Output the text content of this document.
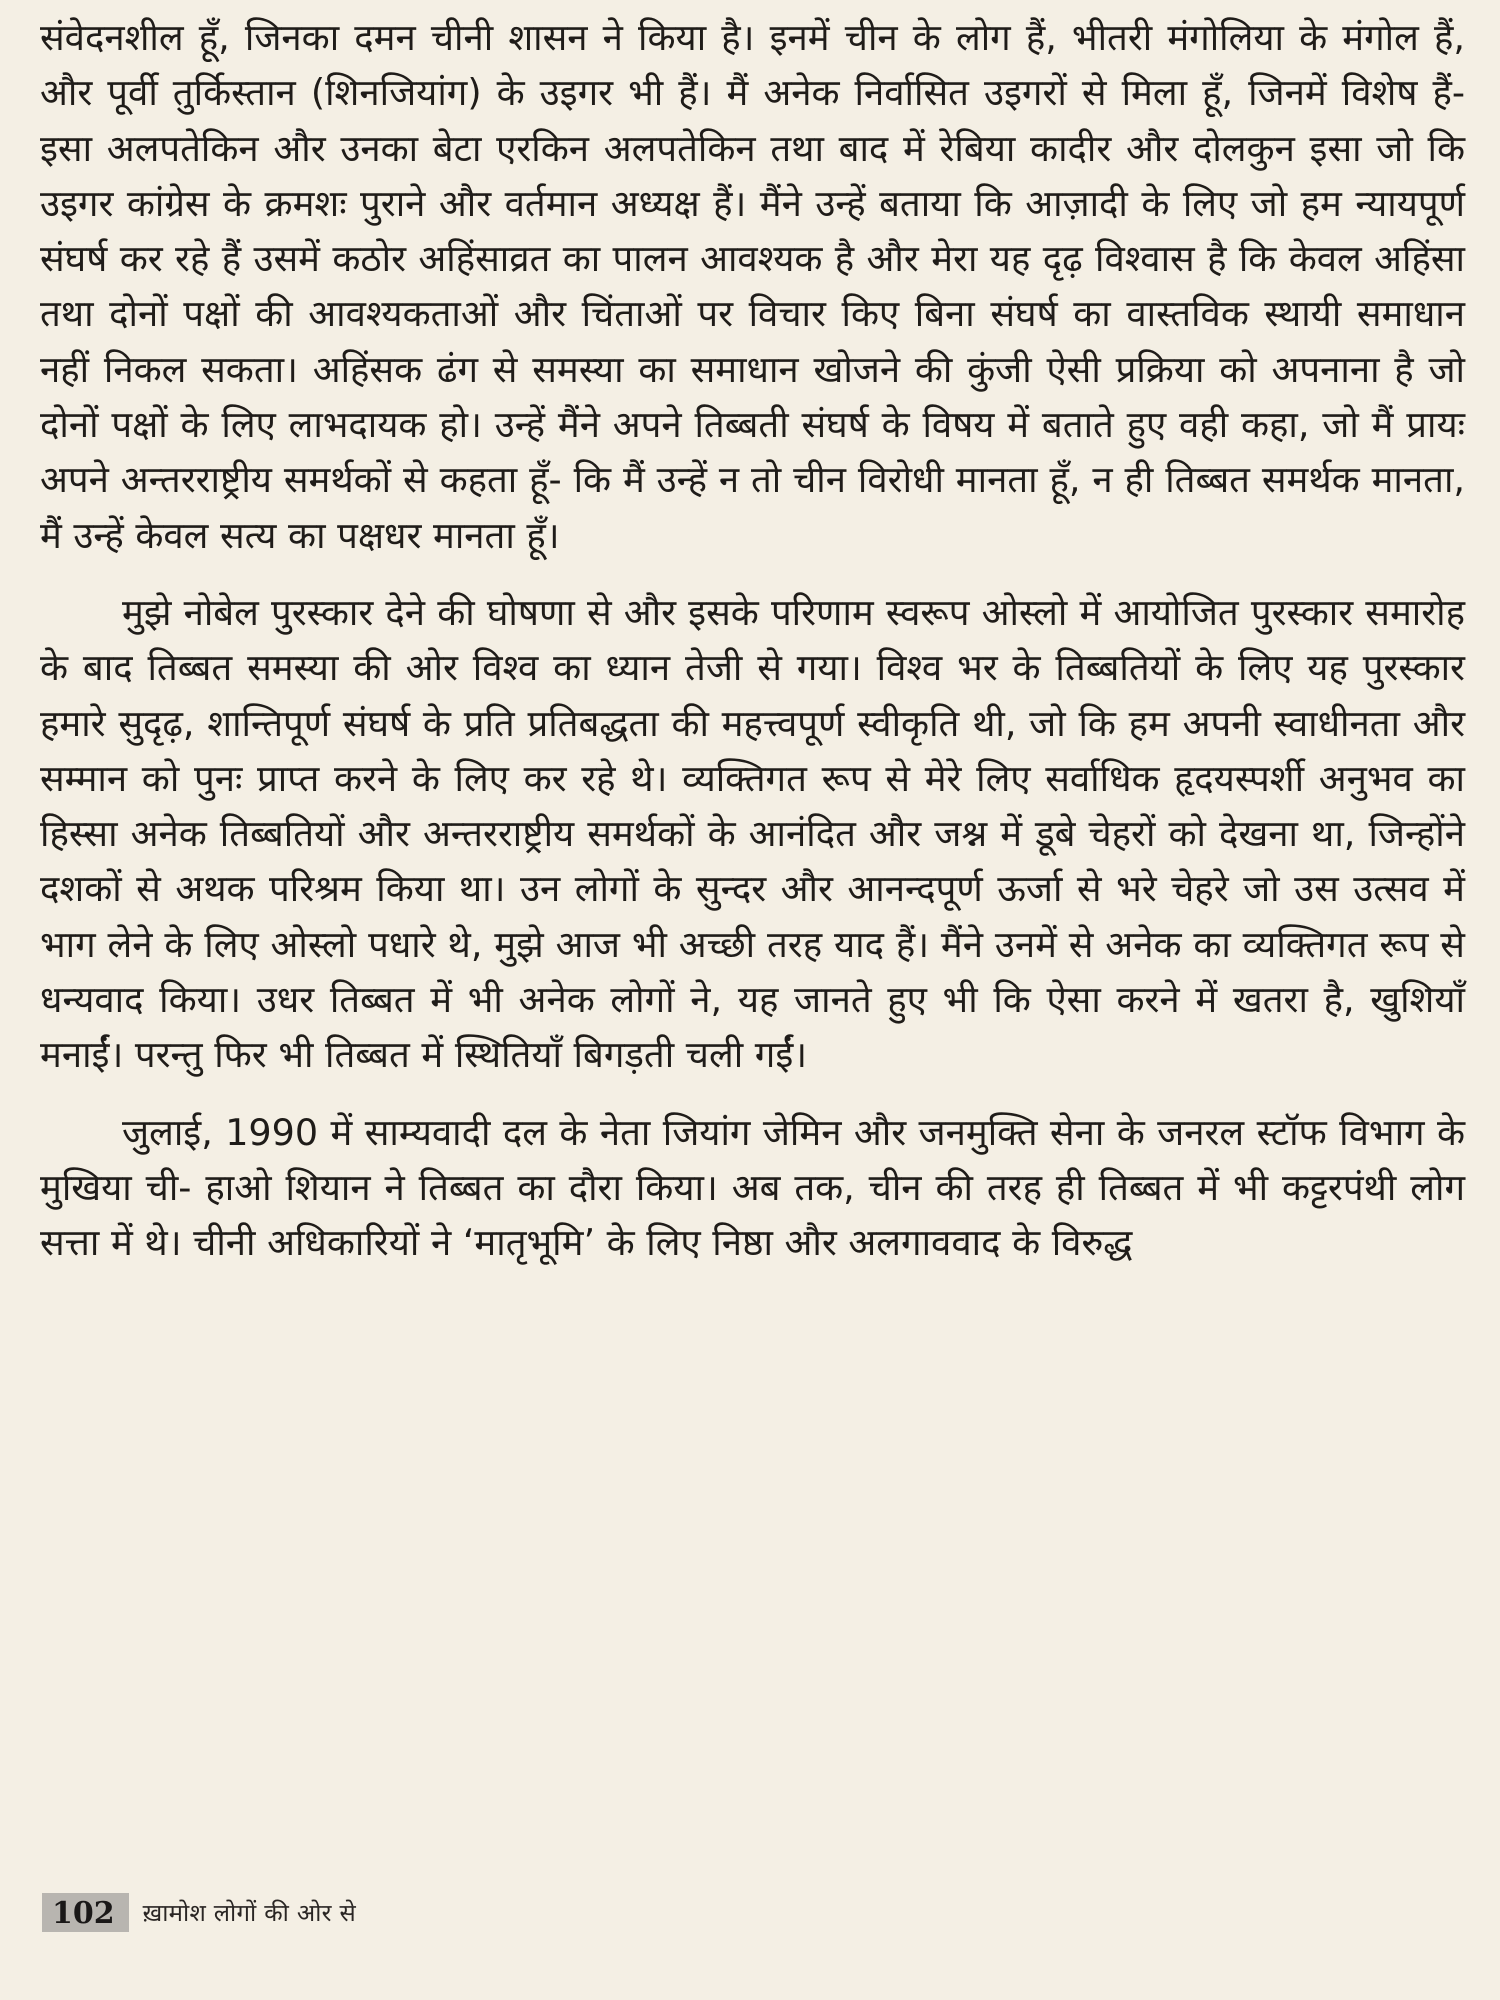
संवेदनशील हूँ, जिनका दमन चीनी शासन ने किया है। इनमें चीन के लोग हैं, भीतरी मंगोलिया के मंगोल हैं, और पूर्वी तुर्किस्तान (शिनजियांग) के उइगर भी हैं। मैं अनेक निर्वासित उइगरों से मिला हूँ, जिनमें विशेष हैं- इसा अलपतेकिन और उनका बेटा एरकिन अलपतेकिन तथा बाद में रेबिया कादीर और दोलकुन इसा जो कि उइगर कांग्रेस के क्रमशः पुराने और वर्तमान अध्यक्ष हैं। मैंने उन्हें बताया कि आज़ादी के लिए जो हम न्यायपूर्ण संघर्ष कर रहे हैं उसमें कठोर अहिंसाव्रत का पालन आवश्यक है और मेरा यह दृढ़ विश्वास है कि केवल अहिंसा तथा दोनों पक्षों की आवश्यकताओं और चिंताओं पर विचार किए बिना संघर्ष का वास्तविक स्थायी समाधान नहीं निकल सकता। अहिंसक ढंग से समस्या का समाधान खोजने की कुंजी ऐसी प्रक्रिया को अपनाना है जो दोनों पक्षों के लिए लाभदायक हो। उन्हें मैंने अपने तिब्बती संघर्ष के विषय में बताते हुए वही कहा, जो मैं प्रायः अपने अन्तरराष्ट्रीय समर्थकों से कहता हूँ- कि मैं उन्हें न तो चीन विरोधी मानता हूँ, न ही तिब्बत समर्थक मानता, मैं उन्हें केवल सत्य का पक्षधर मानता हूँ।

मुझे नोबेल पुरस्कार देने की घोषणा से और इसके परिणाम स्वरूप ओस्लो में आयोजित पुरस्कार समारोह के बाद तिब्बत समस्या की ओर विश्व का ध्यान तेजी से गया। विश्व भर के तिब्बतियों के लिए यह पुरस्कार हमारे सुदृढ़, शान्तिपूर्ण संघर्ष के प्रति प्रतिबद्धता की महत्त्वपूर्ण स्वीकृति थी, जो कि हम अपनी स्वाधीनता और सम्मान को पुनः प्राप्त करने के लिए कर रहे थे। व्यक्तिगत रूप से मेरे लिए सर्वाधिक हृदयस्पर्शी अनुभव का हिस्सा अनेक तिब्बतियों और अन्तरराष्ट्रीय समर्थकों के आनंदित और जश्न में डूबे चेहरों को देखना था, जिन्होंने दशकों से अथक परिश्रम किया था। उन लोगों के सुन्दर और आनन्दपूर्ण ऊर्जा से भरे चेहरे जो उस उत्सव में भाग लेने के लिए ओस्लो पधारे थे, मुझे आज भी अच्छी तरह याद हैं। मैंने उनमें से अनेक का व्यक्तिगत रूप से धन्यवाद किया। उधर तिब्बत में भी अनेक लोगों ने, यह जानते हुए भी कि ऐसा करने में खतरा है, खुशियाँ मनाईं। परन्तु फिर भी तिब्बत में स्थितियाँ बिगड़ती चली गईं।

जुलाई, 1990 में साम्यवादी दल के नेता जियांग जेमिन और जनमुक्ति सेना के जनरल स्टॉफ विभाग के मुखिया ची- हाओ शियान ने तिब्बत का दौरा किया। अब तक, चीन की तरह ही तिब्बत में भी कट्टरपंथी लोग सत्ता में थे। चीनी अधिकारियों ने ‘मातृभूमि’ के लिए निष्ठा और अलगाववाद के विरुद्ध

102	ख़ामोश लोगों की ओर से
